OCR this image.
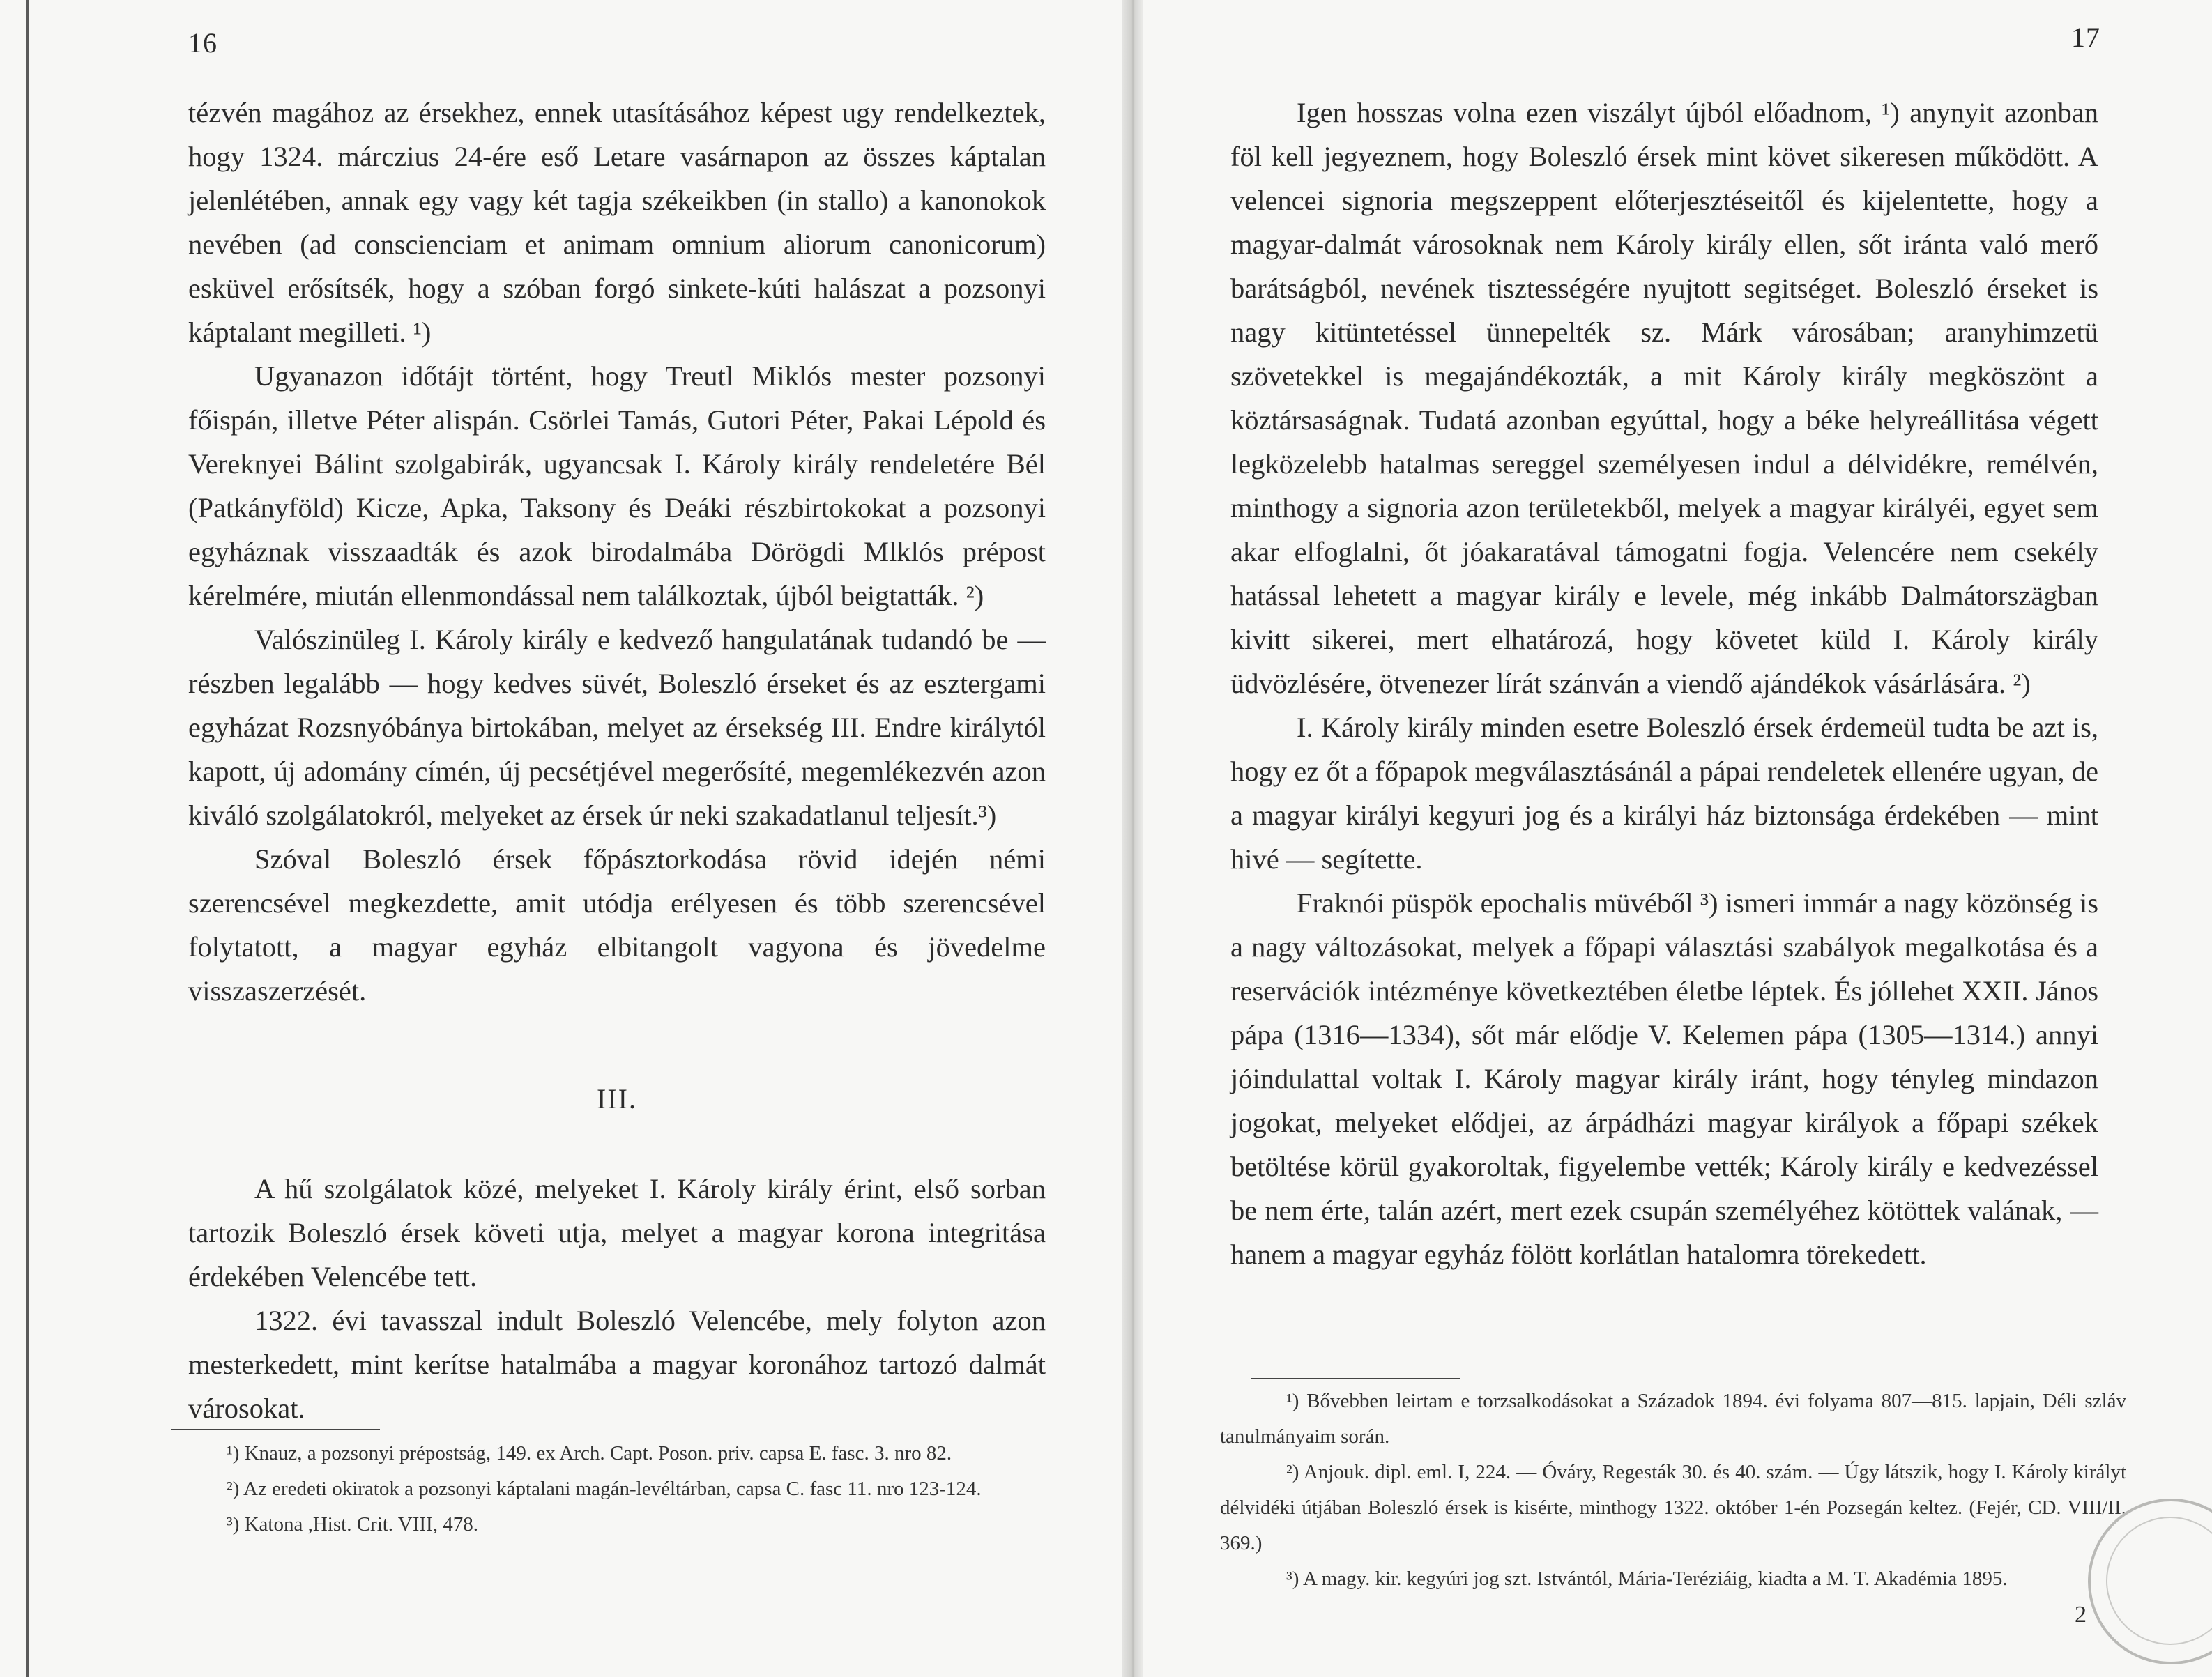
16

tézvén magához az érsekhez, ennek utasításához képest ugy rendelkeztek, hogy 1324. márczius 24-ére eső Letare vasárnapon az összes káptalan jelenlétében, annak egy vagy két tagja székeikben (in stallo) a kanonokok nevében (ad conscienciam et animam omnium aliorum canonicorum) esküvel erősítsék, hogy a szóban forgó sinkete-kúti halászat a pozsonyi káptalant megilleti. ¹)

Ugyanazon időtájt történt, hogy Treutl Miklós mester pozsonyi főispán, illetve Péter alispán. Csörlei Tamás, Gutori Péter, Pakai Lépold és Vereknyei Bálint szolgabirák, ugyancsak I. Károly király rendeletére Bél (Patkányföld) Kicze, Apka, Taksony és Deáki részbirtokokat a pozsonyi egyháznak visszaadták és azok birodalmába Dörögdi Mlklós prépost kérelmére, miután ellenmondással nem találkoztak, újból beigtatták. ²)

Valószinüleg I. Károly király e kedvező hangulatának tudandó be — részben legalább — hogy kedves süvét, Boleszló érseket és az esztergami egyházat Rozsnyóbánya birtokában, melyet az érsekség III. Endre királytól kapott, új adomány címén, új pecsétjével megerősíté, megemlékezvén azon kiváló szolgálatokról, melyeket az érsek úr neki szakadatlanul teljesít.³)

Szóval Boleszló érsek főpásztorkodása rövid idején némi szerencsével megkezdette, amit utódja erélyesen és több szerencsével folytatott, a magyar egyház elbitangolt vagyona és jövedelme visszaszerzését.

III.

A hű szolgálatok közé, melyeket I. Károly király érint, első sorban tartozik Boleszló érsek követi utja, melyet a magyar korona integritása érdekében Velencébe tett.

1322. évi tavasszal indult Boleszló Velencébe, mely folyton azon mesterkedett, mint kerítse hatalmába a magyar koronához tartozó dalmát városokat.

¹) Knauz, a pozsonyi prépostság, 149. ex Arch. Capt. Poson. priv. capsa E. fasc. 3. nro 82.

²) Az eredeti okiratok a pozsonyi káptalani magán-levéltárban, capsa C. fasc 11. nro 123-124.

³) Katona ,Hist. Crit. VIII, 478.

17

Igen hosszas volna ezen viszályt újból előadnom, ¹) anynyit azonban föl kell jegyeznem, hogy Boleszló érsek mint követ sikeresen működött. A velencei signoria megszeppent előterjesztéseitől és kijelentette, hogy a magyar-dalmát városoknak nem Károly király ellen, sőt iránta való merő barátságból, nevének tisztességére nyujtott segitséget. Boleszló érseket is nagy kitüntetéssel ünnepelték sz. Márk városában; aranyhimzetü szövetekkel is megajándékozták, a mit Károly király megköszönt a köztársaságnak. Tudatá azonban egyúttal, hogy a béke helyreállitása végett legközelebb hatalmas sereggel személyesen indul a délvidékre, remélvén, minthogy a signoria azon területekből, melyek a magyar királyéi, egyet sem akar elfoglalni, őt jóakaratával támogatni fogja. Velencére nem csekély hatással lehetett a magyar király e levele, még inkább Dalmátorszägban kivitt sikerei, mert elhatározá, hogy követet küld I. Károly király üdvözlésére, ötvenezer lírát szánván a viendő ajándékok vásárlására. ²)

I. Károly király minden esetre Boleszló érsek érdemeül tudta be azt is, hogy ez őt a főpapok megválasztásánál a pápai rendeletek ellenére ugyan, de a magyar királyi kegyuri jog és a királyi ház biztonsága érdekében — mint hivé — segítette.

Fraknói püspök epochalis müvéből ³) ismeri immár a nagy közönség is a nagy változásokat, melyek a főpapi választási szabályok megalkotása és a reservációk intézménye következtében életbe léptek. És jóllehet XXII. János pápa (1316—1334), sőt már elődje V. Kelemen pápa (1305—1314.) annyi jóindulattal voltak I. Károly magyar király iránt, hogy tényleg mindazon jogokat, melyeket elődjei, az árpádházi magyar királyok a főpapi székek betöltése körül gyakoroltak, figyelembe vették; Károly király e kedvezéssel be nem érte, talán azért, mert ezek csupán személyéhez kötöttek valának, — hanem a magyar egyház fölött korlátlan hatalomra törekedett.

¹) Bővebben leirtam e torzsalkodásokat a Századok 1894. évi folyama 807—815. lapjain, Déli szláv tanulmányaim során.

²) Anjouk. dipl. eml. I, 224. — Óváry, Regesták 30. és 40. szám. — Úgy látszik, hogy I. Károly királyt délvidéki útjában Boleszló érsek is kisérte, minthogy 1322. október 1-én Pozsegán keltez. (Fejér, CD. VIII/II, 369.)

³) A magy. kir. kegyúri jog szt. Istvántól, Mária-Teréziáig, kiadta a M. T. Akadémia 1895.

2
